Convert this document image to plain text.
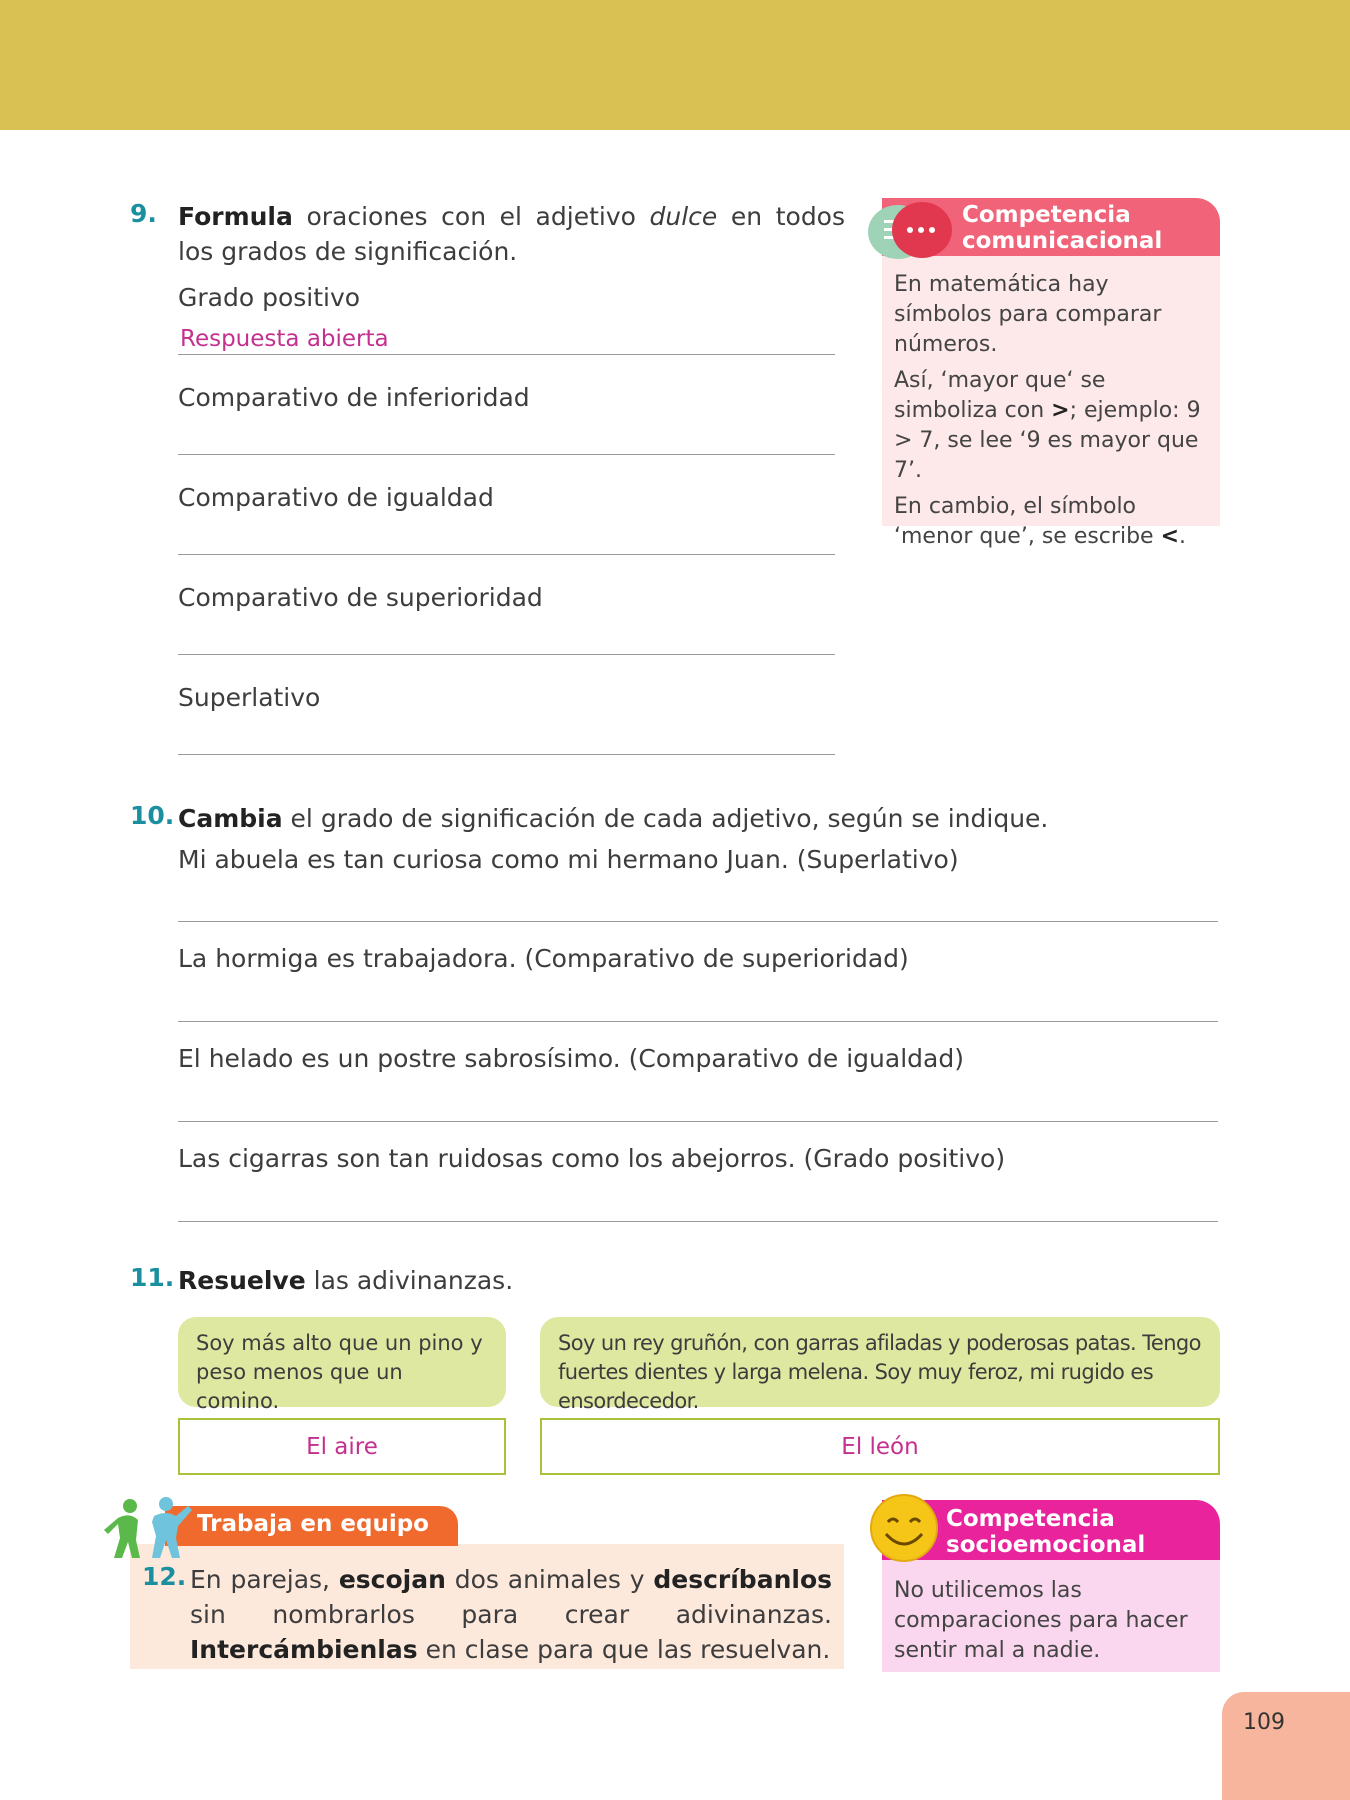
9. Formula oraciones con el adjetivo dulce en todos los grados de significación.
Grado positivo
Respuesta abierta
Comparativo de inferioridad
Comparativo de igualdad
Comparativo de superioridad
Superlativo
Competencia
comunicacional
En matemática hay símbolos para comparar números.
Así, ‘mayor que‘ se simboliza con >; ejemplo: 9 > 7, se lee ‘9 es mayor que 7’.
En cambio, el símbolo ‘menor que’, se escribe <.
10. Cambia el grado de significación de cada adjetivo, según se indique.
Mi abuela es tan curiosa como mi hermano Juan. (Superlativo)
La hormiga es trabajadora. (Comparativo de superioridad)
El helado es un postre sabrosísimo. (Comparativo de igualdad)
Las cigarras son tan ruidosas como los abejorros. (Grado positivo)
11. Resuelve las adivinanzas.
Soy más alto que un pino y peso menos que un comino.
Soy un rey gruñón, con garras afiladas y poderosas patas. Tengo fuertes dientes y larga melena. Soy muy feroz, mi rugido es ensordecedor.
El aire	El león
Trabaja en equipo
12. En parejas, escojan dos animales y descríbanlos sin nombrarlos para crear adivinanzas. Intercámbienlas en clase para que las resuelvan.
Competencia
socioemocional
No utilicemos las comparaciones para hacer sentir mal a nadie.
109
